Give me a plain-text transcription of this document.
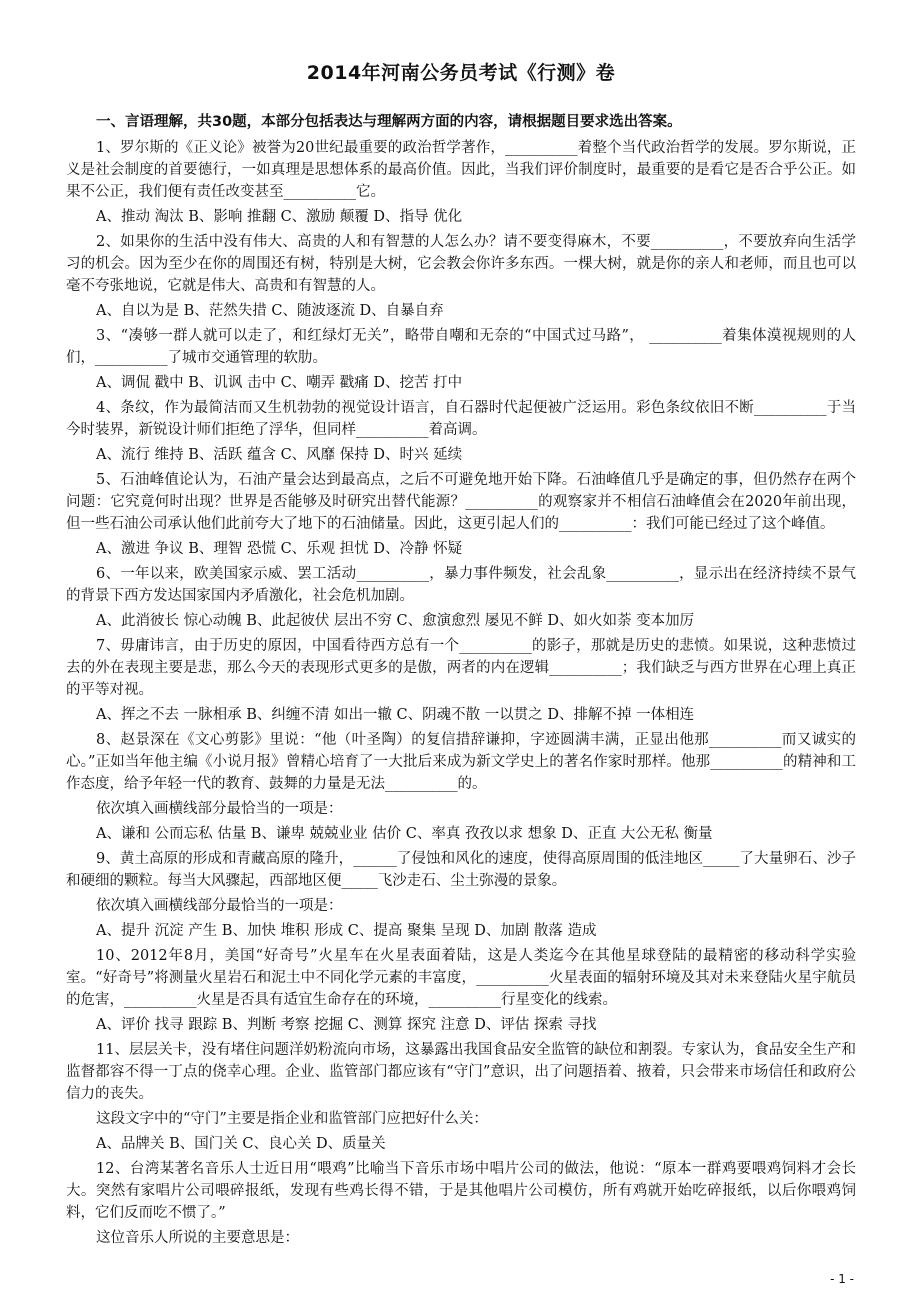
2014年河南公务员考试《行测》卷
一、言语理解，共30题，本部分包括表达与理解两方面的内容，请根据题目要求选出答案。
1、罗尔斯的《正义论》被誉为20世纪最重要的政治哲学著作，__________着整个当代政治哲学的发展。罗尔斯说，正义是社会制度的首要德行，一如真理是思想体系的最高价值。因此，当我们评价制度时，最重要的是看它是否合乎公正。如果不公正，我们便有责任改变甚至__________它。
A、推动 淘汰 B、影响 推翻 C、激励 颠覆 D、指导 优化
2、如果你的生活中没有伟大、高贵的人和有智慧的人怎么办？请不要变得麻木，不要__________，不要放弃向生活学习的机会。因为至少在你的周围还有树，特别是大树，它会教会你许多东西。一棵大树，就是你的亲人和老师，而且也可以毫不夸张地说，它就是伟大、高贵和有智慧的人。
A、自以为是 B、茫然失措 C、随波逐流 D、自暴自弃
3、“凑够一群人就可以走了，和红绿灯无关”，略带自嘲和无奈的“中国式过马路”， __________着集体漠视规则的人们，__________了城市交通管理的软肋。
A、调侃 戳中 B、讥讽 击中 C、嘲弄 戳痛 D、挖苦 打中
4、条纹，作为最简洁而又生机勃勃的视觉设计语言，自石器时代起便被广泛运用。彩色条纹依旧不断__________于当今时装界，新锐设计师们拒绝了浮华，但同样__________着高调。
A、流行 维持 B、活跃 蕴含 C、风靡 保持 D、时兴 延续
5、石油峰值论认为，石油产量会达到最高点，之后不可避免地开始下降。石油峰值几乎是确定的事，但仍然存在两个问题：它究竟何时出现？世界是否能够及时研究出替代能源？__________的观察家并不相信石油峰值会在2020年前出现，但一些石油公司承认他们此前夸大了地下的石油储量。因此，这更引起人们的__________：我们可能已经过了这个峰值。
A、激进 争议 B、理智 恐慌 C、乐观 担忧 D、冷静 怀疑
6、一年以来，欧美国家示威、罢工活动__________，暴力事件频发，社会乱象__________，显示出在经济持续不景气的背景下西方发达国家国内矛盾激化，社会危机加剧。
A、此消彼长 惊心动魄 B、此起彼伏 层出不穷 C、愈演愈烈 屡见不鲜 D、如火如荼 变本加厉
7、毋庸讳言，由于历史的原因，中国看待西方总有一个__________的影子，那就是历史的悲愤。如果说，这种悲愤过去的外在表现主要是悲，那么今天的表现形式更多的是傲，两者的内在逻辑__________；我们缺乏与西方世界在心理上真正的平等对视。
A、挥之不去 一脉相承 B、纠缠不清 如出一辙 C、阴魂不散 一以贯之 D、排解不掉 一体相连
8、赵景深在《文心剪影》里说：“他（叶圣陶）的复信措辞谦抑，字迹圆满丰满，正显出他那__________而又诚实的心。”正如当年他主编《小说月报》曾精心培育了一大批后来成为新文学史上的著名作家时那样。他那__________的精神和工作态度，给予年轻一代的教育、鼓舞的力量是无法__________的。
依次填入画横线部分最恰当的一项是：
A、谦和 公而忘私 估量 B、谦卑 兢兢业业 估价 C、率真 孜孜以求 想象 D、正直 大公无私 衡量
9、黄土高原的形成和青藏高原的隆升，______了侵蚀和风化的速度，使得高原周围的低洼地区_____了大量卵石、沙子和硬细的颗粒。每当大风骤起，西部地区便_____飞沙走石、尘土弥漫的景象。
依次填入画横线部分最恰当的一项是：
A、提升 沉淀 产生 B、加快 堆积 形成 C、提高 聚集 呈现 D、加剧 散落 造成
10、2012年8月，美国“好奇号”火星车在火星表面着陆，这是人类迄今在其他星球登陆的最精密的移动科学实验室。“好奇号”将测量火星岩石和泥土中不同化学元素的丰富度，__________火星表面的辐射环境及其对未来登陆火星宇航员的危害，__________火星是否具有适宜生命存在的环境，__________行星变化的线索。
A、评价 找寻 跟踪 B、判断 考察 挖掘 C、测算 探究 注意 D、评估 探索 寻找
11、层层关卡，没有堵住问题洋奶粉流向市场，这暴露出我国食品安全监管的缺位和割裂。专家认为，食品安全生产和监督都容不得一丁点的侥幸心理。企业、监管部门都应该有“守门”意识，出了问题捂着、掖着，只会带来市场信任和政府公信力的丧失。
这段文字中的“守门”主要是指企业和监管部门应把好什么关：
A、品牌关 B、国门关 C、良心关 D、质量关
12、台湾某著名音乐人士近日用“喂鸡”比喻当下音乐市场中唱片公司的做法，他说：“原本一群鸡要喂鸡饲料才会长大。突然有家唱片公司喂碎报纸，发现有些鸡长得不错，于是其他唱片公司模仿，所有鸡就开始吃碎报纸，以后你喂鸡饲料，它们反而吃不惯了。”
这位音乐人所说的主要意思是：
- 1 -
